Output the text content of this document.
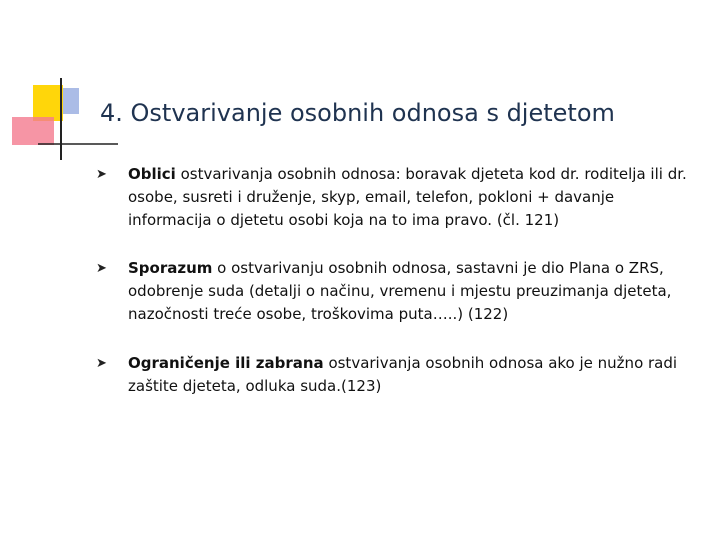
4. Ostvarivanje osobnih odnosa s djetetom
➤ Oblici ostvarivanja osobnih odnosa: boravak djeteta kod dr. roditelja ili dr. osobe, susreti i druženje, skyp, email, telefon, pokloni + davanje informacija o djetetu osobi koja na to ima pravo. (čl. 121)

➤ Sporazum o ostvarivanju osobnih odnosa, sastavni je dio Plana o ZRS, odobrenje suda (detalji o načinu, vremenu i mjestu preuzimanja djeteta, nazočnosti treće osobe, troškovima puta…..) (122)

➤ Ograničenje ili zabrana ostvarivanja osobnih odnosa ako je nužno radi zaštite djeteta, odluka suda.(123)
